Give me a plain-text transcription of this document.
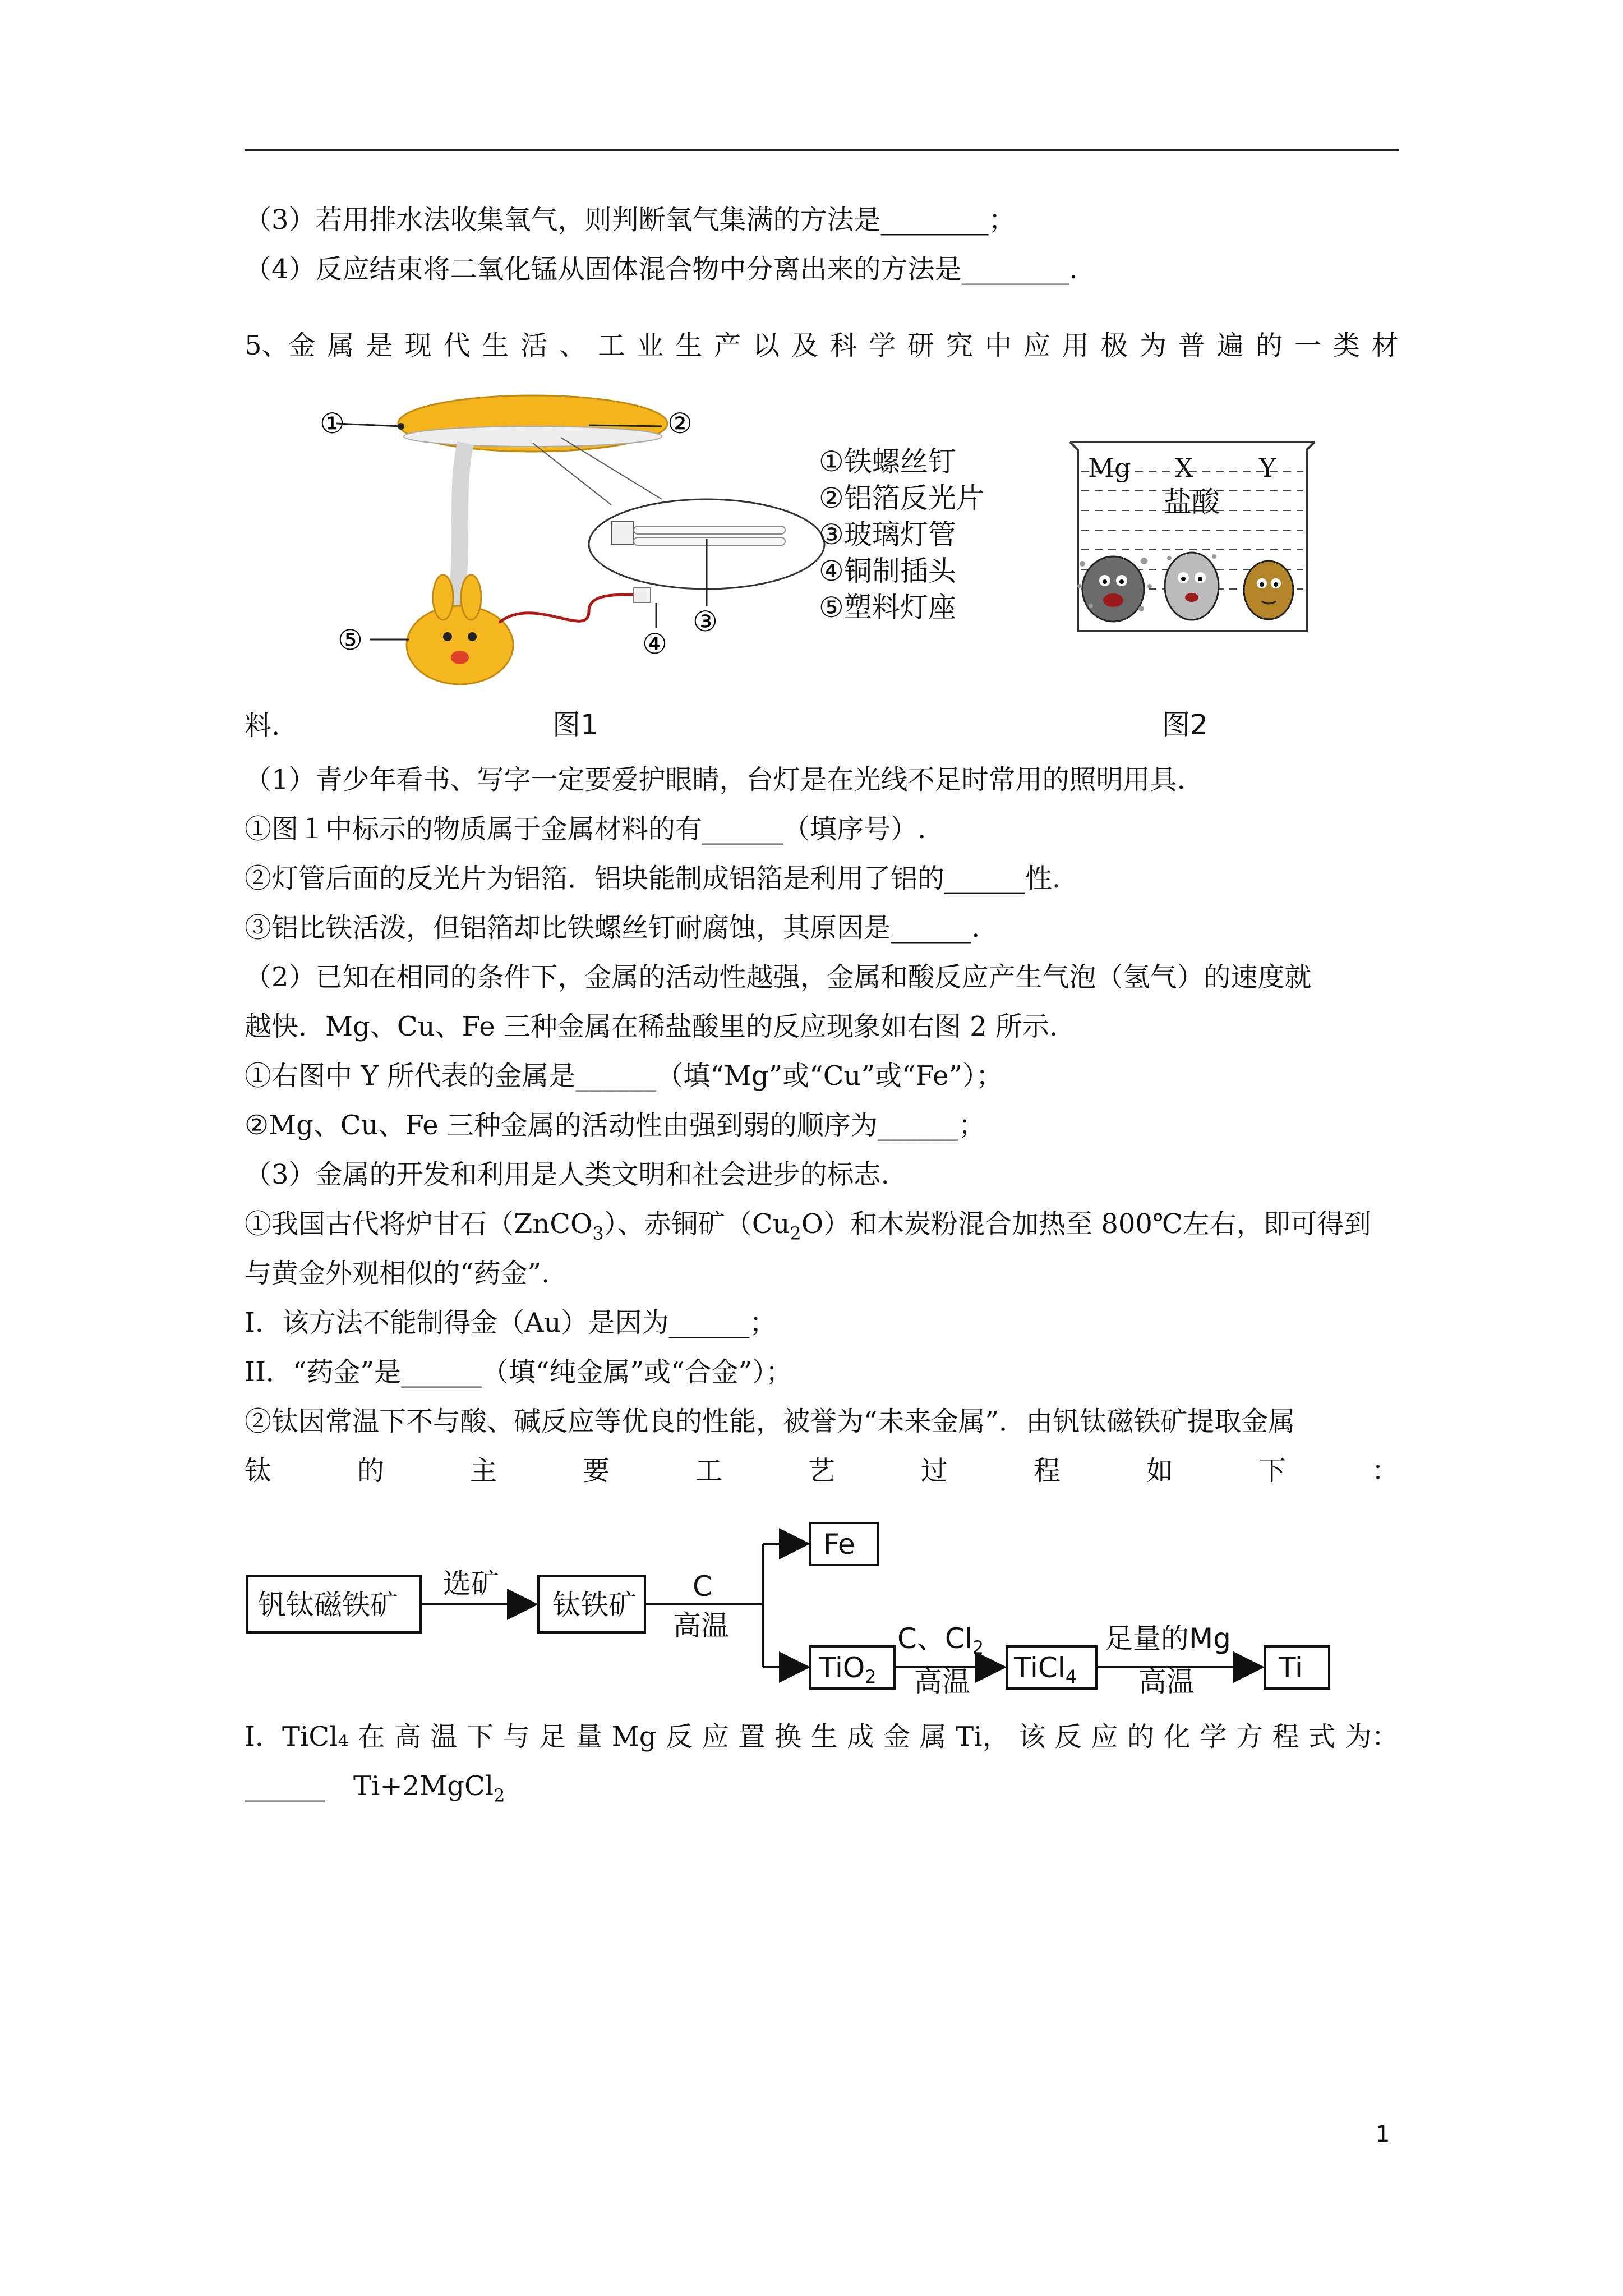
（3）若用排水法收集氧气，则判断氧气集满的方法是________；
（4）反应结束将二氧化锰从固体混合物中分离出来的方法是________.
5、金 属 是 现 代 生 活 、 工 业 生 产 以 及 科 学 研 究 中 应 用 极 为 普 遍 的 一 类 材
①	②
③
④
⑤
①铁螺丝钉
②铝箔反光片
③玻璃灯管
④铜制插头
⑤塑料灯座
Mg X	Y
盐酸
料.	图1	图2
（1）青少年看书、写字一定要爱护眼睛，台灯是在光线不足时常用的照明用具.
①图１中标示的物质属于金属材料的有______（填序号）.
②灯管后面的反光片为铝箔．铝块能制成铝箔是利用了铝的______性.
③铝比铁活泼，但铝箔却比铁螺丝钉耐腐蚀，其原因是______.
（2）已知在相同的条件下，金属的活动性越强，金属和酸反应产生气泡（氢气）的速度就
越快．Mg、Cu、Fe 三种金属在稀盐酸里的反应现象如右图 2 所示.
①右图中 Y 所代表的金属是______（填“Mg”或“Cu”或“Fe”）；
②Mg、Cu、Fe 三种金属的活动性由强到弱的顺序为______；
（3）金属的开发和利用是人类文明和社会进步的标志.
①我国古代将炉甘石（ZnCO$_3$）、赤铜矿$(Cu_2O)$和木炭粉混合加热至 800℃左右，即可得到
与黄金外观相似的“药金”.
I．该方法不能制得金（Au）是因为______；
II．“药金”是______（填“纯金属”或“合金”）；
②钛因常温下不与酸、碱反应等优良的性能，被誉为“未来金属”．由钒钛磁铁矿提取金属
钛	的	主	要	工	艺	过	程	如	下	：
钒钛磁铁矿
选矿
钛铁矿
C
高温
Fe
TiO$_2$
C、$Cl_2$
高温 TiCl$_4$
足量的Mg
高温	Ti
I．TiCl₄ 在 高 温 下 与 足 量 Mg 反 应 置 换 生 成 金 属 Ti， 该 反 应 的 化 学 方 程 式 为：
______ Ti+2MgCl$_2$
1
